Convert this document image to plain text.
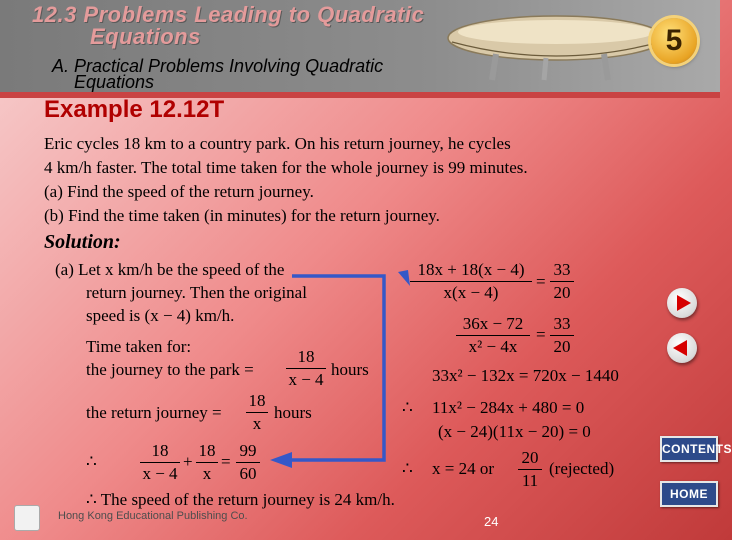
12.3 Problems Leading to Quadratic
Equations
A. Practical Problems Involving Quadratic
Equations
5
Example 12.12T
Eric cycles 18 km to a country park. On his return journey, he cycles
4 km/h faster. The total time taken for the whole journey is 99 minutes.
(a) Find the speed of the return journey.
(b) Find the time taken (in minutes) for the return journey.
Solution:
(a) Let x km/h be the speed of the
return journey. Then the original
speed is (x − 4) km/h.
Time taken for:
the journey to the park =
18
x − 4
hours
the return journey =
18
x
hours
∴
18
x − 4
+
18
x
=
99
60
18x + 18(x − 4)
x(x − 4)
=
33
20
36x − 72
x² − 4x
=
33
20
33x² − 132x = 720x − 1440
∴ 11x² − 284x + 480 = 0
(x − 24)(11x − 20) = 0
∴ x = 24 or
20
11
(rejected)
∴ The speed of the return journey is 24 km/h.
CONTENTS
HOME
Hong Kong Educational Publishing Co.	24
